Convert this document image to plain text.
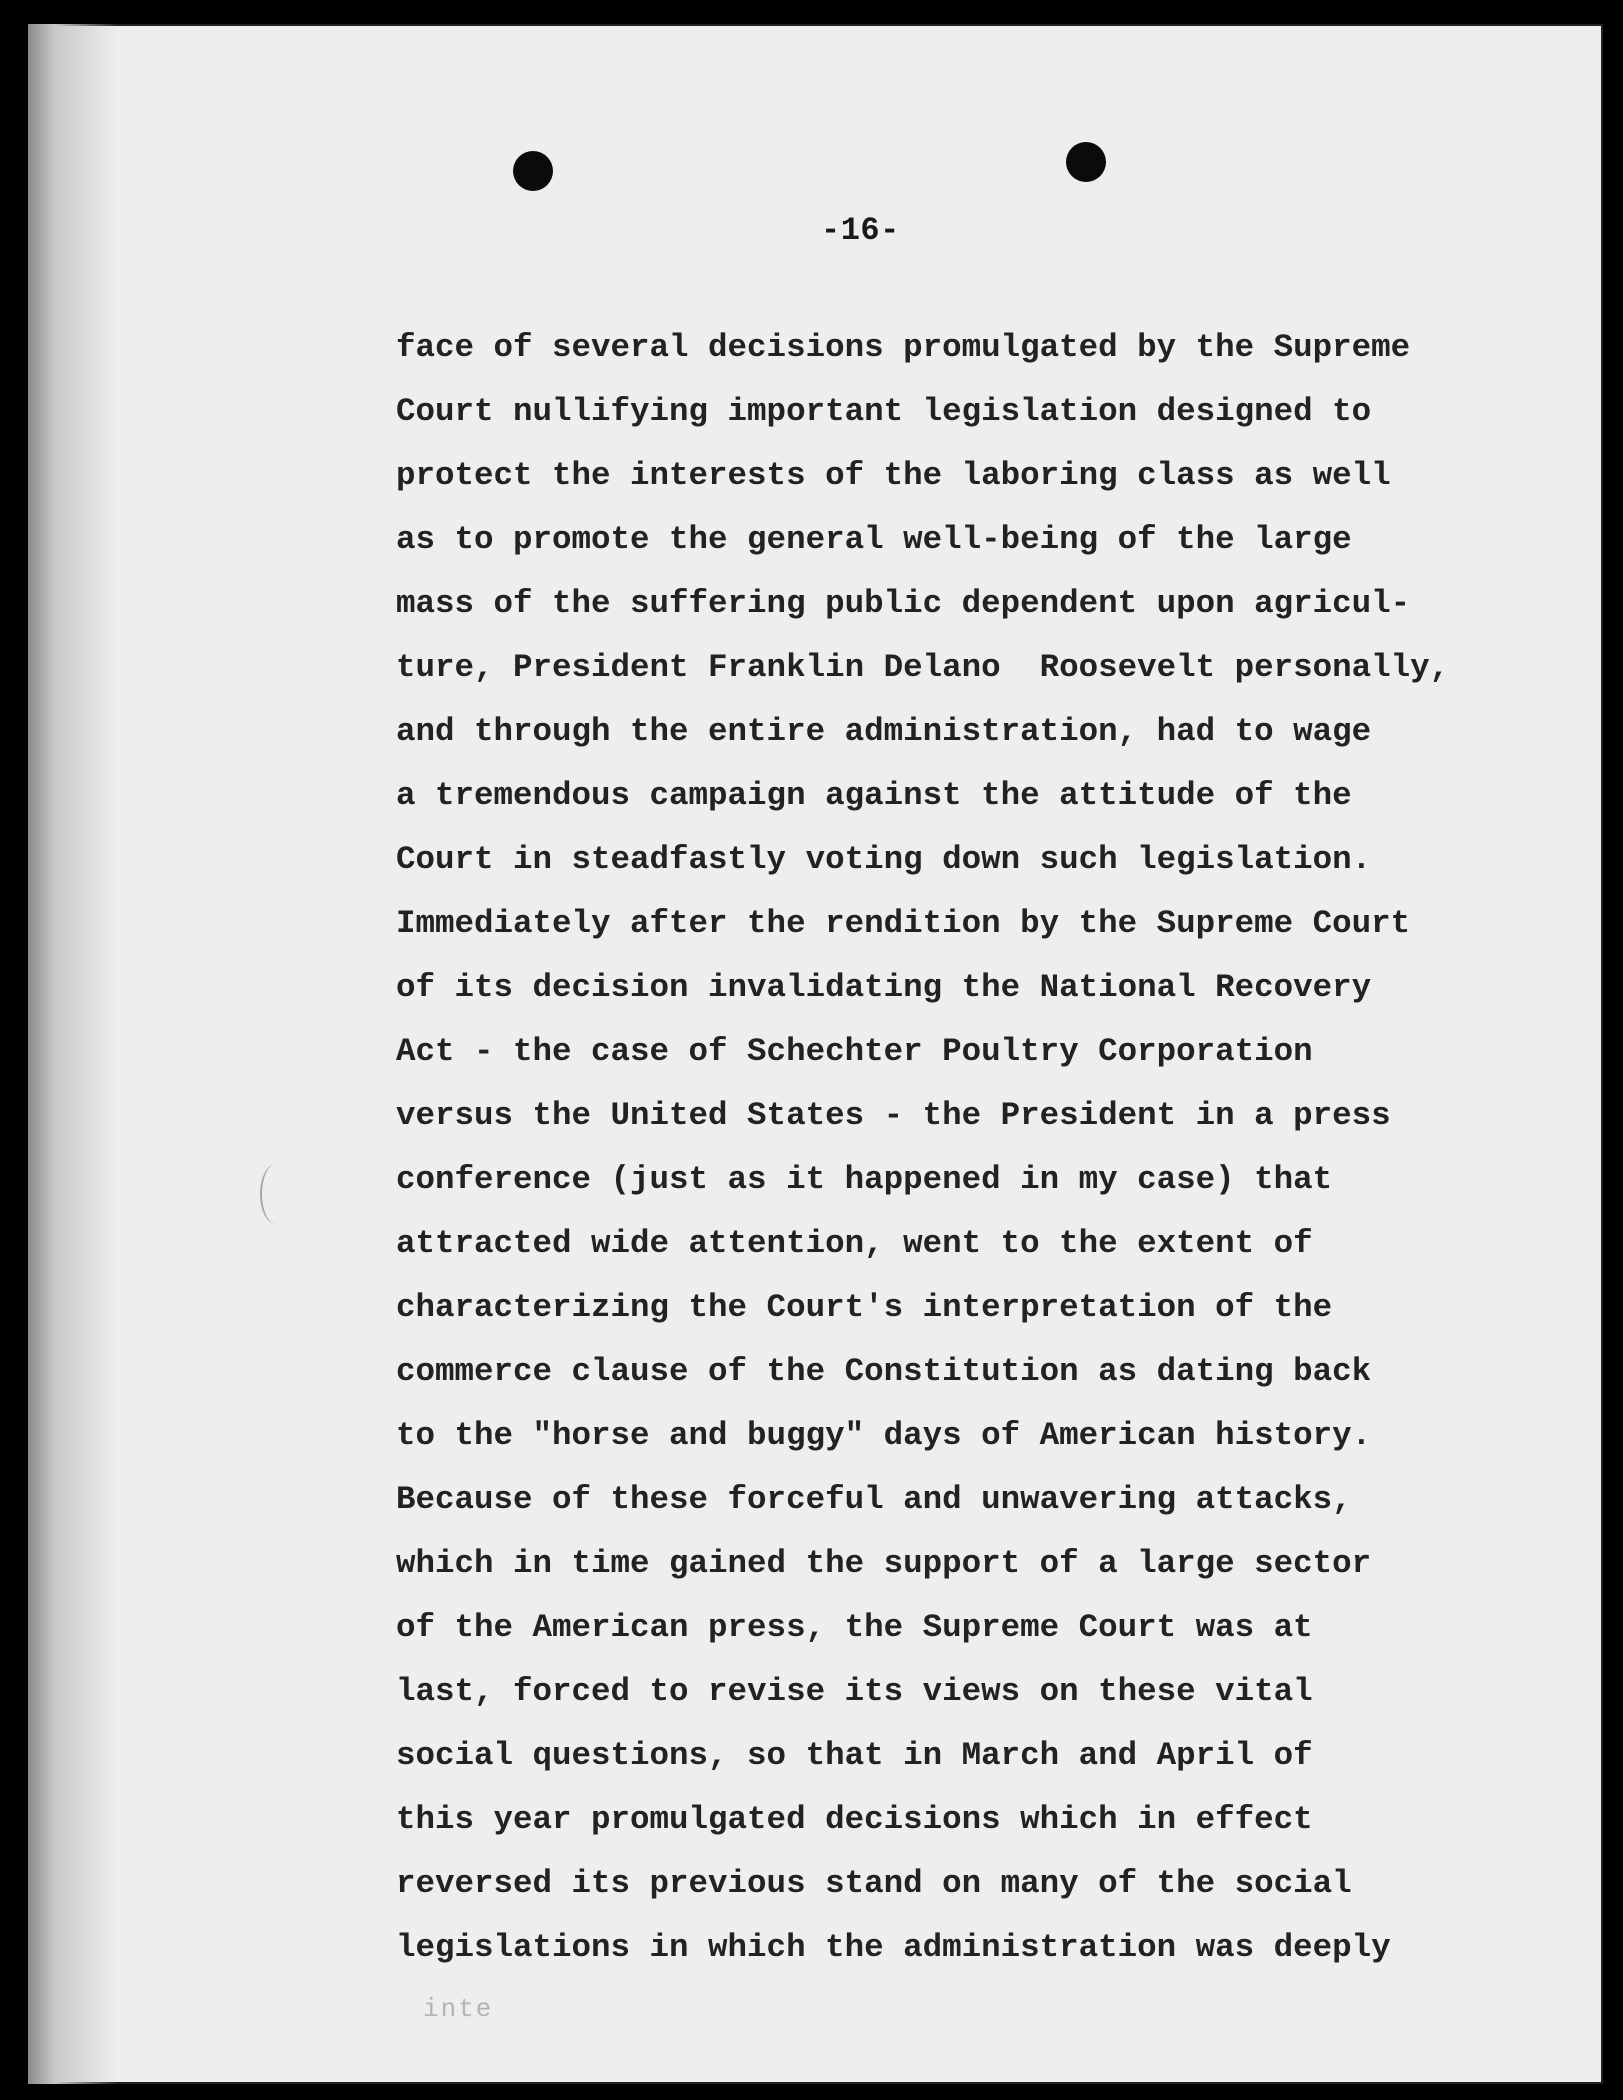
-16-
face of several decisions promulgated by the Supreme
Court nullifying important legislation designed to
protect the interests of the laboring class as well
as to promote the general well-being of the large
mass of the suffering public dependent upon agricul-
ture, President Franklin Delano  Roosevelt personally,
and through the entire administration, had to wage
a tremendous campaign against the attitude of the
Court in steadfastly voting down such legislation.
Immediately after the rendition by the Supreme Court
of its decision invalidating the National Recovery
Act - the case of Schechter Poultry Corporation
versus the United States - the President in a press
conference (just as it happened in my case) that
attracted wide attention, went to the extent of
characterizing the Court's interpretation of the
commerce clause of the Constitution as dating back
to the "horse and buggy" days of American history.
Because of these forceful and unwavering attacks,
which in time gained the support of a large sector
of the American press, the Supreme Court was at
last, forced to revise its views on these vital
social questions, so that in March and April of
this year promulgated decisions which in effect
reversed its previous stand on many of the social
legislations in which the administration was deeply
inte
